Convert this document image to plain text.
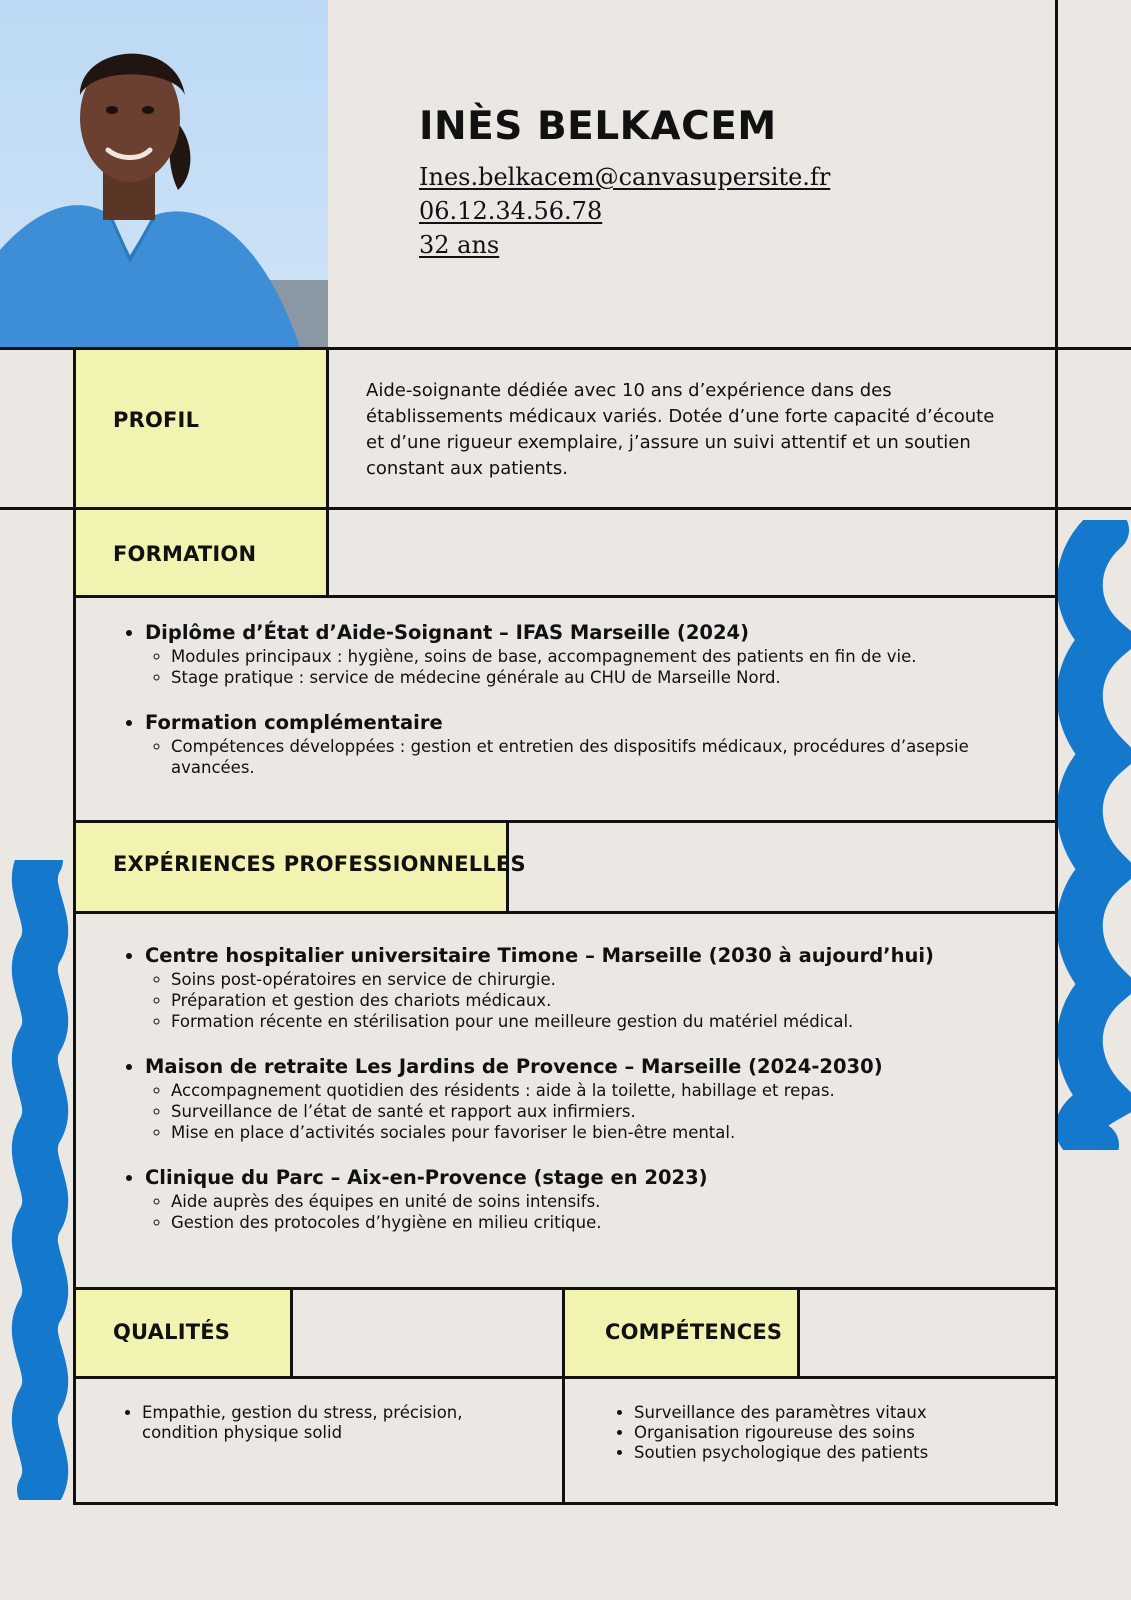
INÈS BELKACEM
Ines.belkacem@canvasupersite.fr
06.12.34.56.78
32 ans
PROFIL
Aide-soignante dédiée avec 10 ans d’expérience dans des établissements médicaux variés. Dotée d’une forte capacité d’écoute et d’une rigueur exemplaire, j’assure un suivi attentif et un soutien constant aux patients.
FORMATION
• Diplôme d’État d’Aide-Soignant – IFAS Marseille (2024)
◦ Modules principaux : hygiène, soins de base, accompagnement des patients en fin de vie.
◦ Stage pratique : service de médecine générale au CHU de Marseille Nord.
• Formation complémentaire
◦ Compétences développées : gestion et entretien des dispositifs médicaux, procédures d’asepsie avancées.
EXPÉRIENCES PROFESSIONNELLES
• Centre hospitalier universitaire Timone – Marseille (2030 à aujourd’hui)
◦ Soins post-opératoires en service de chirurgie.
◦ Préparation et gestion des chariots médicaux.
◦ Formation récente en stérilisation pour une meilleure gestion du matériel médical.
• Maison de retraite Les Jardins de Provence – Marseille (2024-2030)
◦ Accompagnement quotidien des résidents : aide à la toilette, habillage et repas.
◦ Surveillance de l’état de santé et rapport aux infirmiers.
◦ Mise en place d’activités sociales pour favoriser le bien-être mental.
• Clinique du Parc – Aix-en-Provence (stage en 2023)
◦ Aide auprès des équipes en unité de soins intensifs.
◦ Gestion des protocoles d’hygiène en milieu critique.
QUALITÉS
• Empathie, gestion du stress, précision, condition physique solid
COMPÉTENCES
• Surveillance des paramètres vitaux
• Organisation rigoureuse des soins
• Soutien psychologique des patients
